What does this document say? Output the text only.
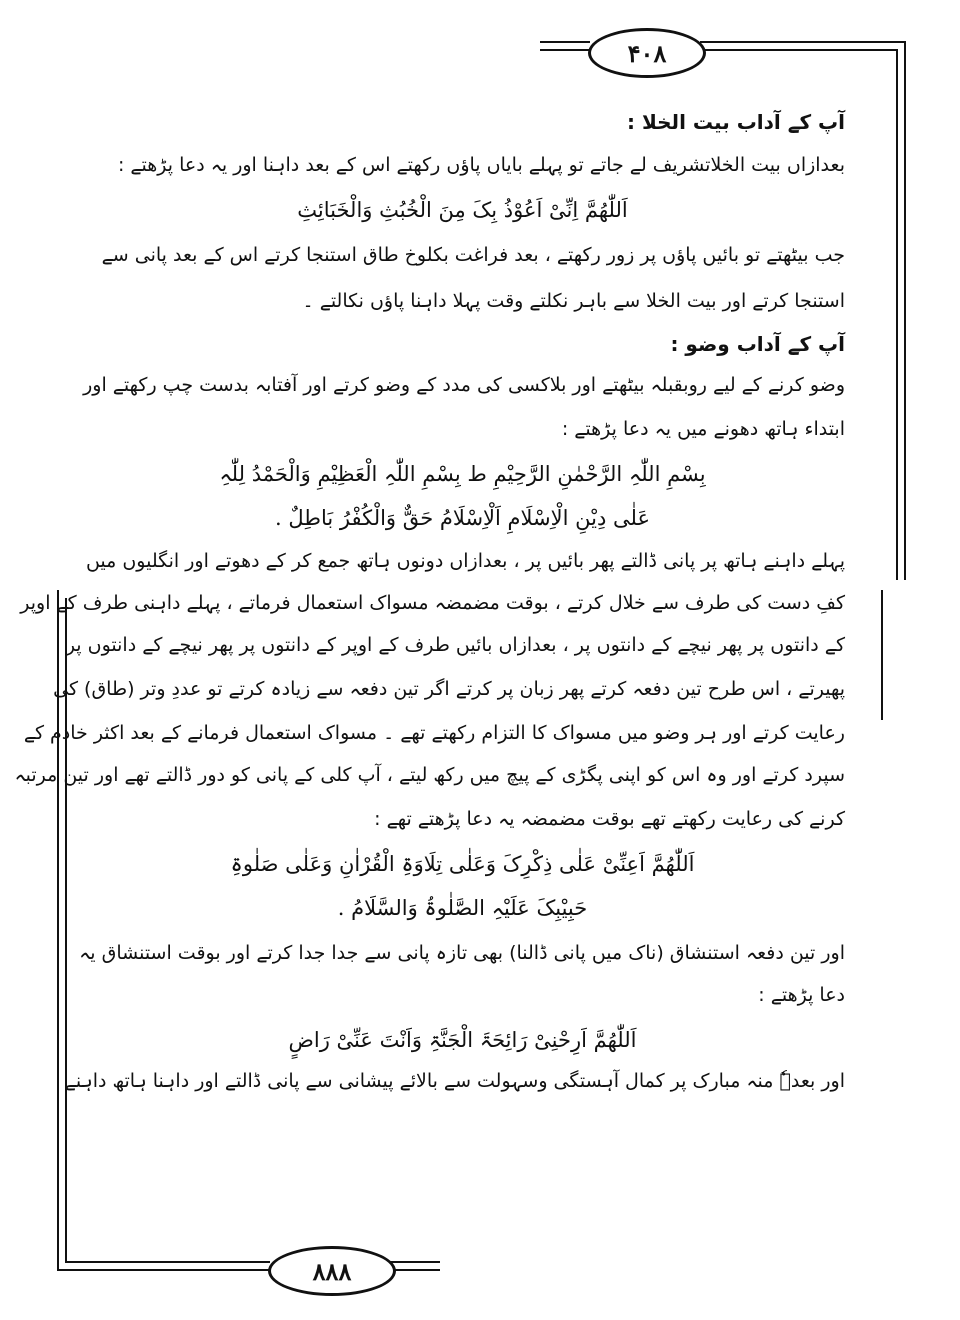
۴۰۸
۸۸۸
آپ کے آداب بیت الخلا :
بعدازاں بیت الخلاتشریف لے جاتے تو پہلے بایاں پاؤں رکھتے اس کے بعد داہنا اور یہ دعا پڑھتے :
اَللّٰھُمَّ اِنِّیْ اَعُوْذُ بِکَ مِنَ الْخُبُثِ وَالْخَبَائِثِ
جب بیٹھتے تو بائیں پاؤں پر زور رکھتے ، بعد فراغت بکلوخ طاق استنجا کرتے اس کے بعد پانی سے
استنجا کرتے اور بیت الخلا سے باہر نکلتے وقت پہلا داہنا پاؤں نکالتے ۔
آپ کے آداب وضو :
وضو کرنے کے لیے روبقبلہ بیٹھتے اور بلاکسی کی مدد کے وضو کرتے اور آفتابہ بدست چپ رکھتے اور
ابتداء ہاتھ دھونے میں یہ دعا پڑھتے :
بِسْمِ اللّٰہِ الرَّحْمٰنِ الرَّحِیْمِ ط بِسْمِ اللّٰہِ الْعَظِیْمِ وَالْحَمْدُ لِلّٰہِ
عَلٰی دِیْنِ الْاِسْلَامِ اَلْاِسْلَامُ حَقٌّ وَالْکُفْرُ بَاطِلٌ .
پہلے داہنے ہاتھ پر پانی ڈالتے پھر بائیں پر ، بعدازاں دونوں ہاتھ جمع کر کے دھوتے اور انگلیوں میں
کفِ دست کی طرف سے خلال کرتے ، بوقت مضمضہ مسواک استعمال فرماتے ، پہلے داہنی طرف کے اوپر
کے دانتوں پر پھر نیچے کے دانتوں پر ، بعدازاں بائیں طرف کے اوپر کے دانتوں پر پھر نیچے کے دانتوں پر
پھیرتے ، اس طرح تین دفعہ کرتے پھر زبان پر کرتے اگر تین دفعہ سے زیادہ کرتے تو عددِ وتر (طاق) کی
رعایت کرتے اور ہر وضو میں مسواک کا التزام رکھتے تھے ۔ مسواک استعمال فرمانے کے بعد اکثر خادم کے
سپرد کرتے اور وہ اس کو اپنی پگڑی کے پیچ میں رکھ لیتے ، آپ کلی کے پانی کو دور ڈالتے تھے اور تین مرتبہ
کرنے کی رعایت رکھتے تھے بوقت مضمضہ یہ دعا پڑھتے تھے :
اَللّٰھُمَّ اَعِنِّیْ عَلٰی ذِکْرِکَ وَعَلٰی تِلَاوَۃِ الْقُرْاٰنِ وَعَلٰی صَلٰوۃِ
حَبِیْبِکَ عَلَیْہِ الصَّلٰوۃُ وَالسَّلَامُ .
اور تین دفعہ استنشاق (ناک میں پانی ڈالنا) بھی تازہ پانی سے جدا جدا کرتے اور بوقت استنشاق یہ
دعا پڑھتے :
اَللّٰھُمَّ اَرِحْنِیْ رَائِحَۃَ الْجَنَّۃِ وَاَنْتَ عَنِّیْ رَاضٍ
اور بعدہٗ منہ مبارک پر کمال آہستگی وسہولت سے بالائے پیشانی سے پانی ڈالتے اور داہنا ہاتھ داہنے
